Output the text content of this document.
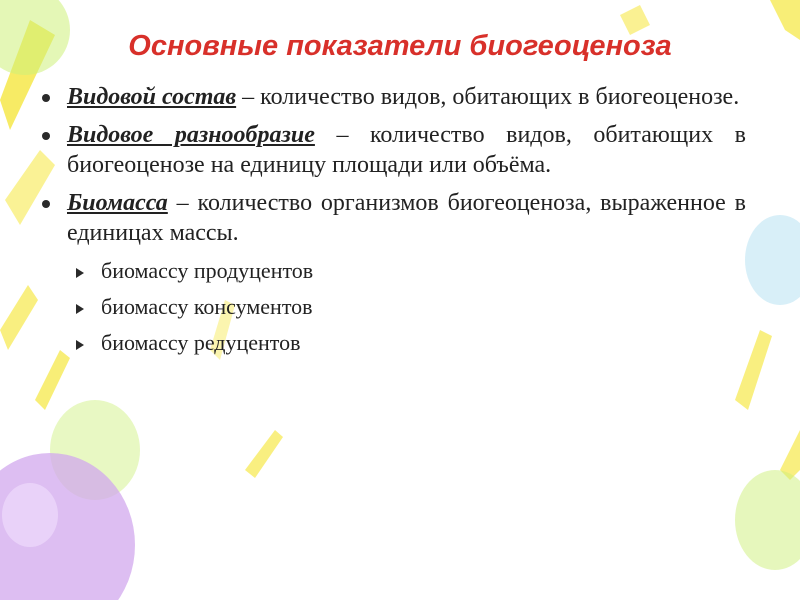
Основные показатели биогеоценоза
Видовой состав – количество видов, обитающих в биогеоценозе.
Видовое разнообразие – количество видов, обитающих в биогеоценозе на единицу площади или объёма.
Биомасса – количество организмов биогеоценоза, выраженное в единицах массы.
биомассу продуцентов
биомассу консументов
биомассу редуцентов
